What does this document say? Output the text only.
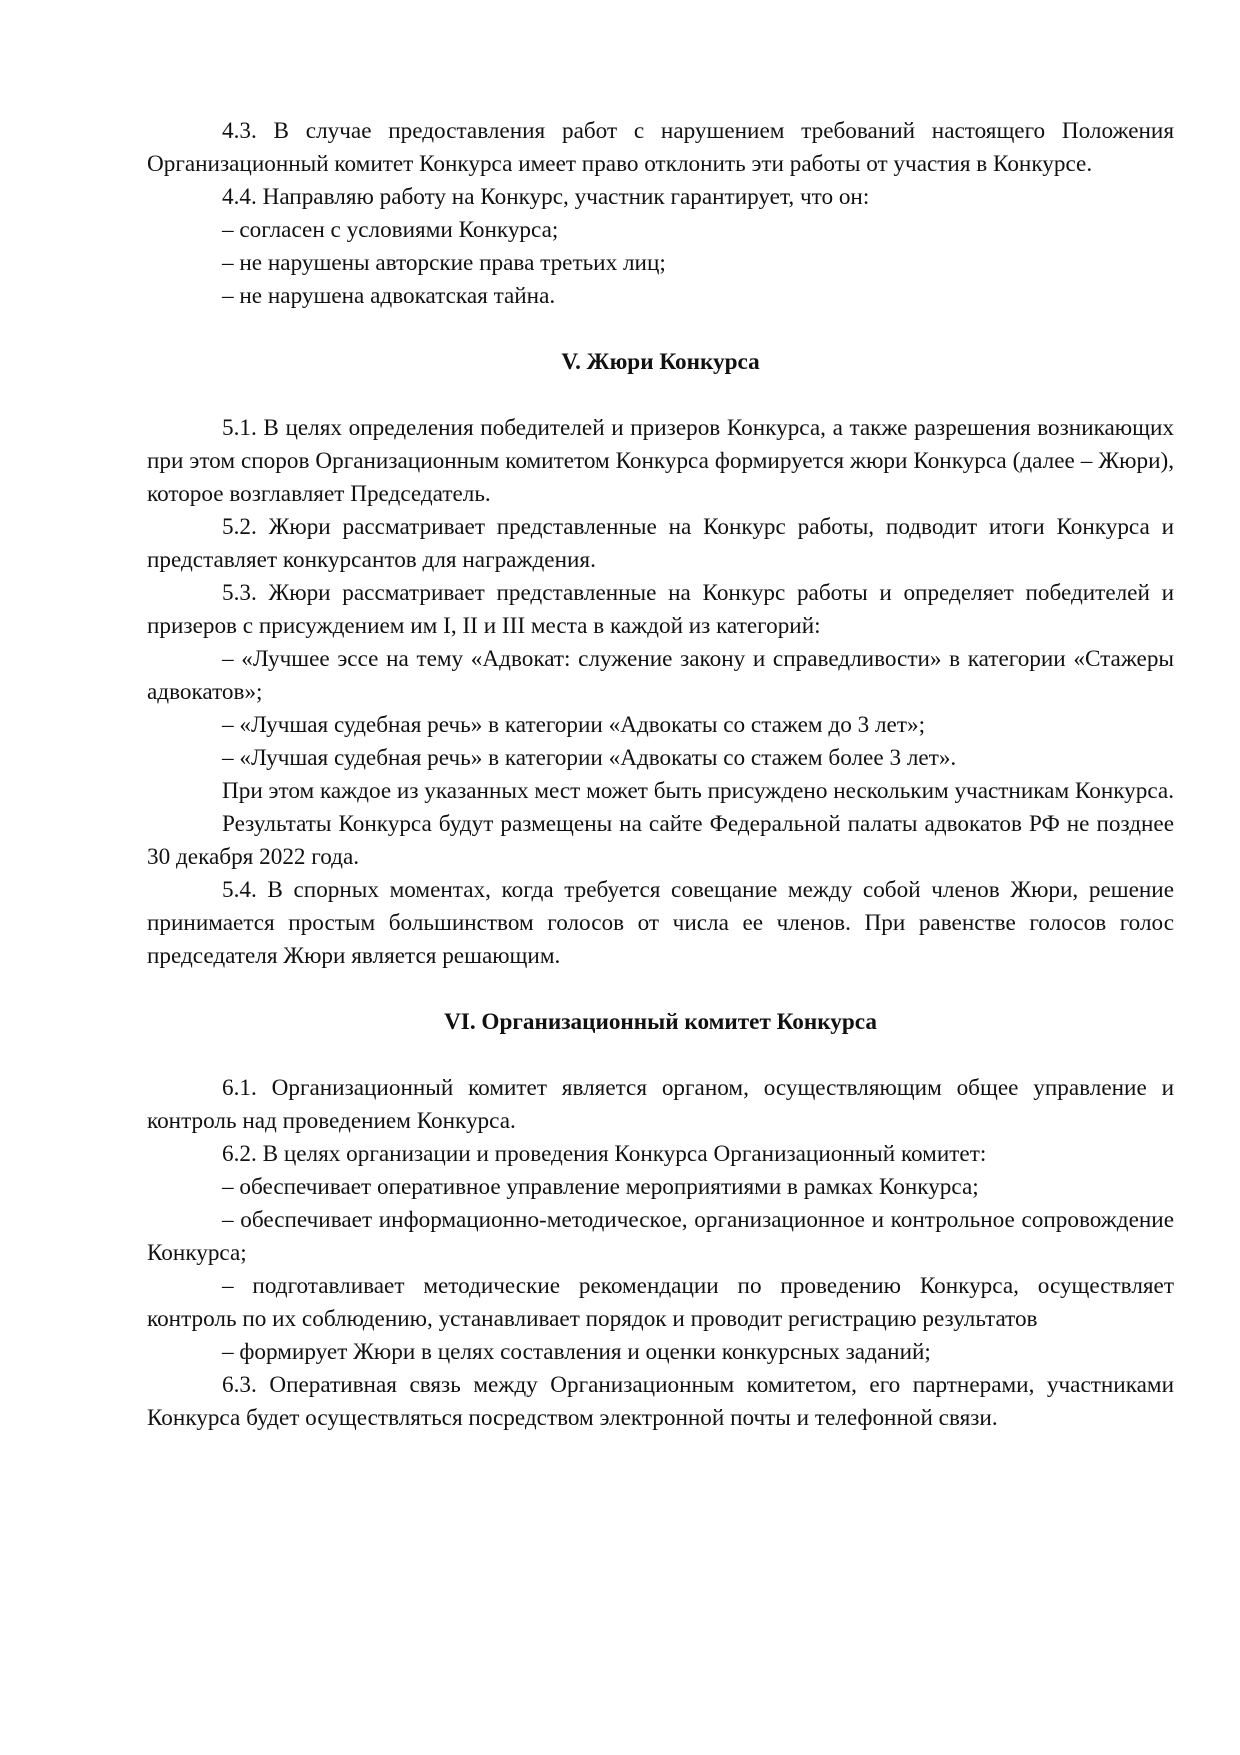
4.3. В случае предоставления работ с нарушением требований настоящего Положения Организационный комитет Конкурса имеет право отклонить эти работы от участия в Конкурсе.

4.4. Направляю работу на Конкурс, участник гарантирует, что он:

– согласен с условиями Конкурса;

– не нарушены авторские права третьих лиц;

– не нарушена адвокатская тайна.

V. Жюри Конкурса

5.1. В целях определения победителей и призеров Конкурса, а также разрешения возникающих при этом споров Организационным комитетом Конкурса формируется жюри Конкурса (далее – Жюри), которое возглавляет Председатель.

5.2. Жюри рассматривает представленные на Конкурс работы, подводит итоги Конкурса и представляет конкурсантов для награждения.

5.3. Жюри рассматривает представленные на Конкурс работы и определяет победителей и призеров с присуждением им I, II и III места в каждой из категорий:

– «Лучшее эссе на тему «Адвокат: служение закону и справедливости» в категории «Стажеры адвокатов»;

– «Лучшая судебная речь» в категории «Адвокаты со стажем до 3 лет»;

– «Лучшая судебная речь» в категории «Адвокаты со стажем более 3 лет».

При этом каждое из указанных мест может быть присуждено нескольким участникам Конкурса.

Результаты Конкурса будут размещены на сайте Федеральной палаты адвокатов РФ не позднее 30 декабря 2022 года.

5.4. В спорных моментах, когда требуется совещание между собой членов Жюри, решение принимается простым большинством голосов от числа ее членов. При равенстве голосов голос председателя Жюри является решающим.

VI. Организационный комитет Конкурса

6.1. Организационный комитет является органом, осуществляющим общее управление и контроль над проведением Конкурса.

6.2. В целях организации и проведения Конкурса Организационный комитет:

– обеспечивает оперативное управление мероприятиями в рамках Конкурса;

– обеспечивает информационно-методическое, организационное и контрольное сопровождение Конкурса;

– подготавливает методические рекомендации по проведению Конкурса, осуществляет контроль по их соблюдению, устанавливает порядок и проводит регистрацию результатов

– формирует Жюри в целях составления и оценки конкурсных заданий;

6.3. Оперативная связь между Организационным комитетом, его партнерами, участниками Конкурса будет осуществляться посредством электронной почты и телефонной связи.
